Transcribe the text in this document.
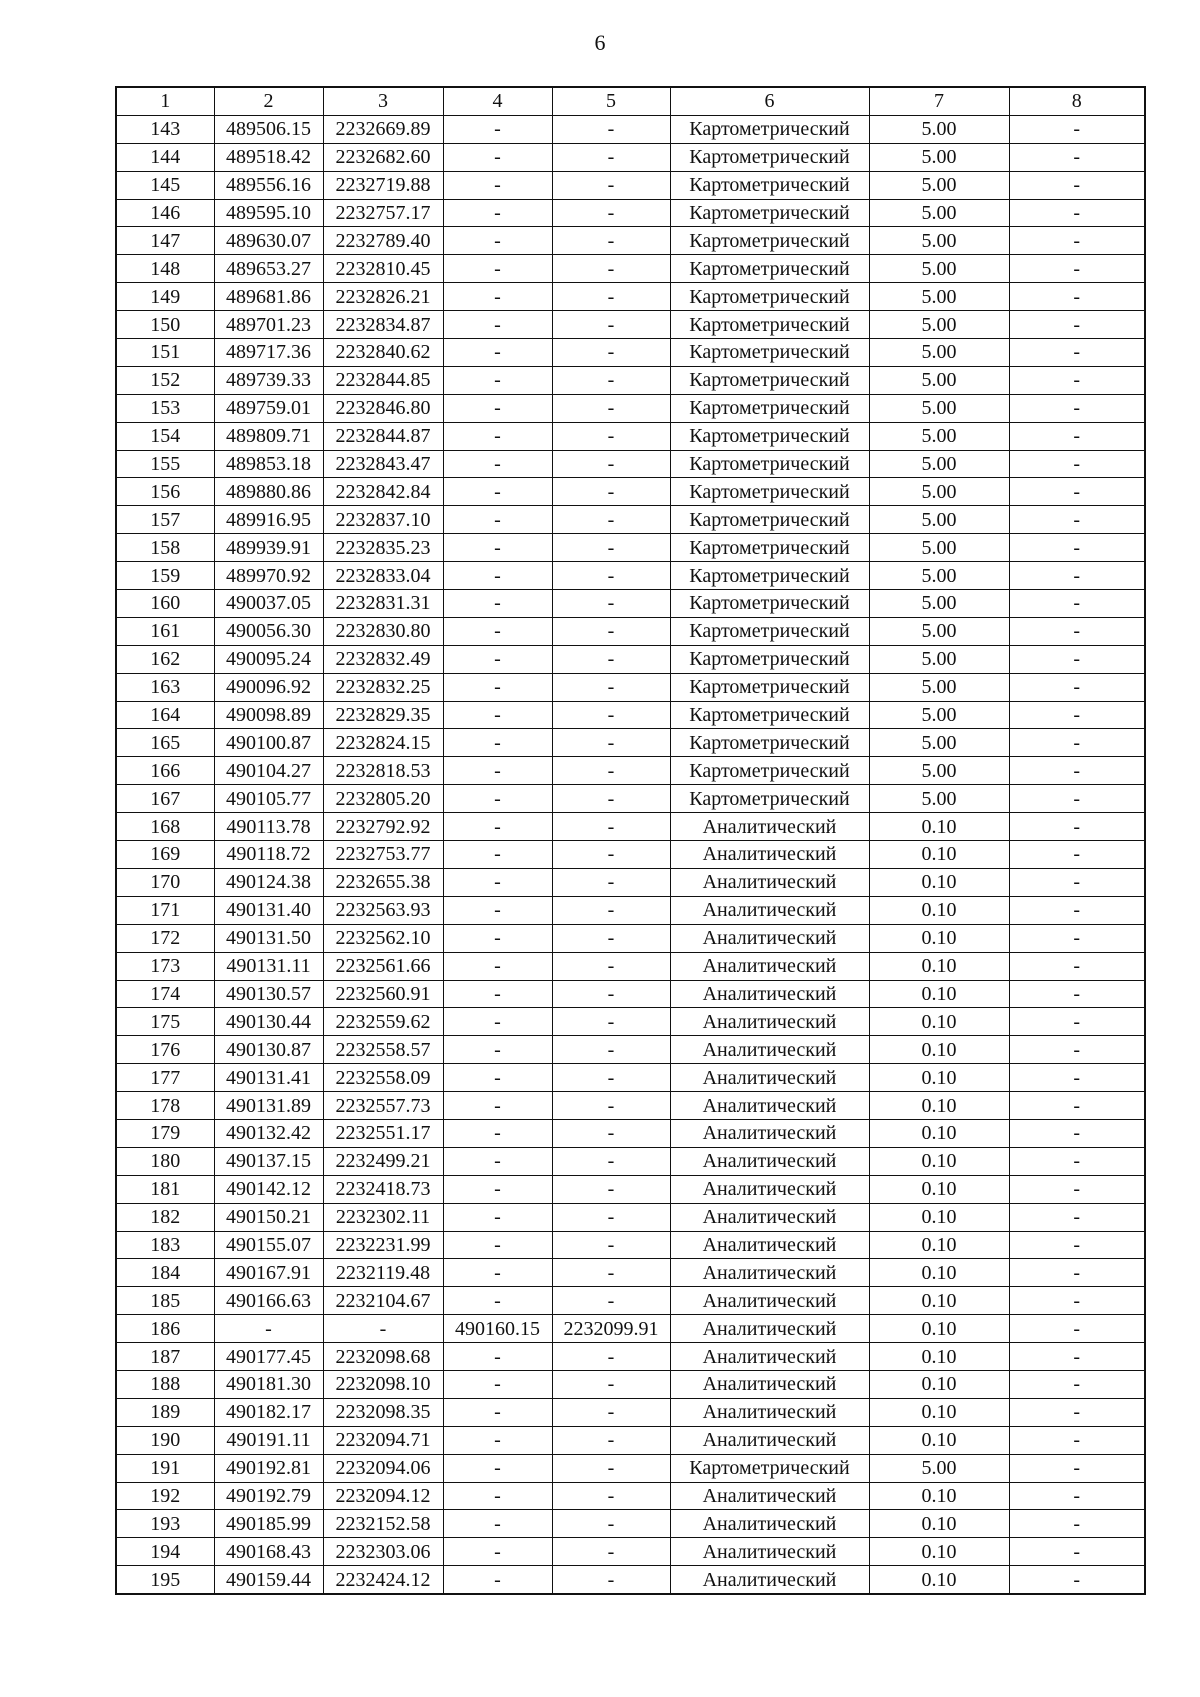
6
1	2	3	4	5	6	7	8
143	489506.15	2232669.89	-	-	Картометрический	5.00	-
144	489518.42	2232682.60	-	-	Картометрический	5.00	-
145	489556.16	2232719.88	-	-	Картометрический	5.00	-
146	489595.10	2232757.17	-	-	Картометрический	5.00	-
147	489630.07	2232789.40	-	-	Картометрический	5.00	-
148	489653.27	2232810.45	-	-	Картометрический	5.00	-
149	489681.86	2232826.21	-	-	Картометрический	5.00	-
150	489701.23	2232834.87	-	-	Картометрический	5.00	-
151	489717.36	2232840.62	-	-	Картометрический	5.00	-
152	489739.33	2232844.85	-	-	Картометрический	5.00	-
153	489759.01	2232846.80	-	-	Картометрический	5.00	-
154	489809.71	2232844.87	-	-	Картометрический	5.00	-
155	489853.18	2232843.47	-	-	Картометрический	5.00	-
156	489880.86	2232842.84	-	-	Картометрический	5.00	-
157	489916.95	2232837.10	-	-	Картометрический	5.00	-
158	489939.91	2232835.23	-	-	Картометрический	5.00	-
159	489970.92	2232833.04	-	-	Картометрический	5.00	-
160	490037.05	2232831.31	-	-	Картометрический	5.00	-
161	490056.30	2232830.80	-	-	Картометрический	5.00	-
162	490095.24	2232832.49	-	-	Картометрический	5.00	-
163	490096.92	2232832.25	-	-	Картометрический	5.00	-
164	490098.89	2232829.35	-	-	Картометрический	5.00	-
165	490100.87	2232824.15	-	-	Картометрический	5.00	-
166	490104.27	2232818.53	-	-	Картометрический	5.00	-
167	490105.77	2232805.20	-	-	Картометрический	5.00	-
168	490113.78	2232792.92	-	-	Аналитический	0.10	-
169	490118.72	2232753.77	-	-	Аналитический	0.10	-
170	490124.38	2232655.38	-	-	Аналитический	0.10	-
171	490131.40	2232563.93	-	-	Аналитический	0.10	-
172	490131.50	2232562.10	-	-	Аналитический	0.10	-
173	490131.11	2232561.66	-	-	Аналитический	0.10	-
174	490130.57	2232560.91	-	-	Аналитический	0.10	-
175	490130.44	2232559.62	-	-	Аналитический	0.10	-
176	490130.87	2232558.57	-	-	Аналитический	0.10	-
177	490131.41	2232558.09	-	-	Аналитический	0.10	-
178	490131.89	2232557.73	-	-	Аналитический	0.10	-
179	490132.42	2232551.17	-	-	Аналитический	0.10	-
180	490137.15	2232499.21	-	-	Аналитический	0.10	-
181	490142.12	2232418.73	-	-	Аналитический	0.10	-
182	490150.21	2232302.11	-	-	Аналитический	0.10	-
183	490155.07	2232231.99	-	-	Аналитический	0.10	-
184	490167.91	2232119.48	-	-	Аналитический	0.10	-
185	490166.63	2232104.67	-	-	Аналитический	0.10	-
186	-	-	490160.15	2232099.91	Аналитический	0.10	-
187	490177.45	2232098.68	-	-	Аналитический	0.10	-
188	490181.30	2232098.10	-	-	Аналитический	0.10	-
189	490182.17	2232098.35	-	-	Аналитический	0.10	-
190	490191.11	2232094.71	-	-	Аналитический	0.10	-
191	490192.81	2232094.06	-	-	Картометрический	5.00	-
192	490192.79	2232094.12	-	-	Аналитический	0.10	-
193	490185.99	2232152.58	-	-	Аналитический	0.10	-
194	490168.43	2232303.06	-	-	Аналитический	0.10	-
195	490159.44	2232424.12	-	-	Аналитический	0.10	-
